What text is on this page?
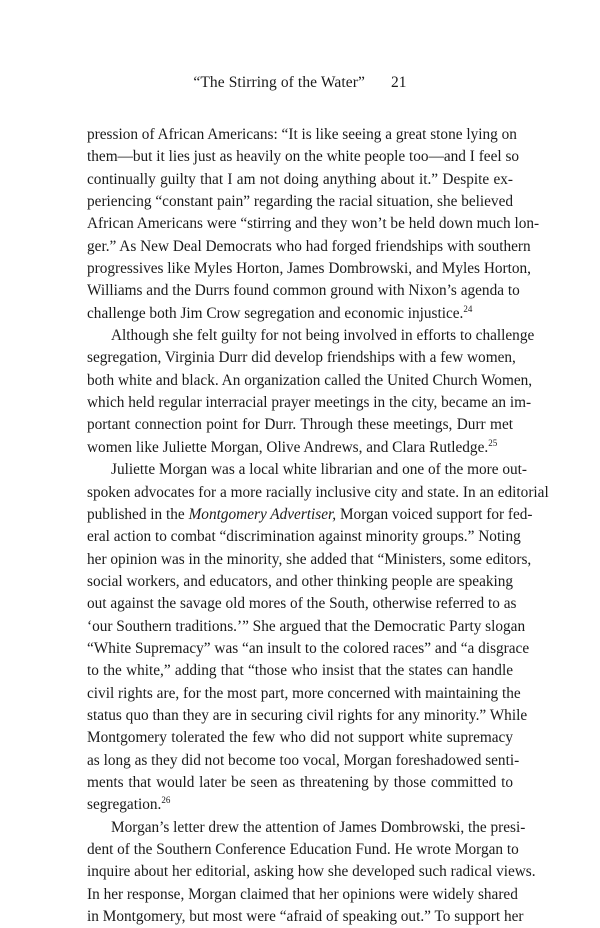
“The Stirring of the Water” 21
pression of African Americans: “It is like seeing a great stone lying on
them—but it lies just as heavily on the white people too—and I feel so
continually guilty that I am not doing anything about it.” Despite ex-
periencing “constant pain” regarding the racial situation, she believed
African Americans were “stirring and they won’t be held down much lon-
ger.” As New Deal Democrats who had forged friendships with southern
progressives like Myles Horton, James Dombrowski, and Myles Horton,
Williams and the Durrs found common ground with Nixon’s agenda to
challenge both Jim Crow segregation and economic injustice.$^{24}$
Although she felt guilty for not being involved in efforts to challenge
segregation, Virginia Durr did develop friendships with a few women,
both white and black. An organization called the United Church Women,
which held regular interracial prayer meetings in the city, became an im-
portant connection point for Durr. Through these meetings, Durr met
women like Juliette Morgan, Olive Andrews, and Clara Rutledge.$^{25}$
Juliette Morgan was a local white librarian and one of the more out-
spoken advocates for a more racially inclusive city and state. In an editorial
published in the Montgomery Advertiser, Morgan voiced support for fed-
eral action to combat “discrimination against minority groups.” Noting
her opinion was in the minority, she added that “Ministers, some editors,
social workers, and educators, and other thinking people are speaking
out against the savage old mores of the South, otherwise referred to as
‘our Southern traditions.’” She argued that the Democratic Party slogan
“White Supremacy” was “an insult to the colored races” and “a disgrace
to the white,” adding that “those who insist that the states can handle
civil rights are, for the most part, more concerned with maintaining the
status quo than they are in securing civil rights for any minority.” While
Montgomery tolerated the few who did not support white supremacy
as long as they did not become too vocal, Morgan foreshadowed senti-
ments that would later be seen as threatening by those committed to
segregation.$^{26}$
Morgan’s letter drew the attention of James Dombrowski, the presi-
dent of the Southern Conference Education Fund. He wrote Morgan to
inquire about her editorial, asking how she developed such radical views.
In her response, Morgan claimed that her opinions were widely shared
in Montgomery, but most were “afraid of speaking out.” To support her
